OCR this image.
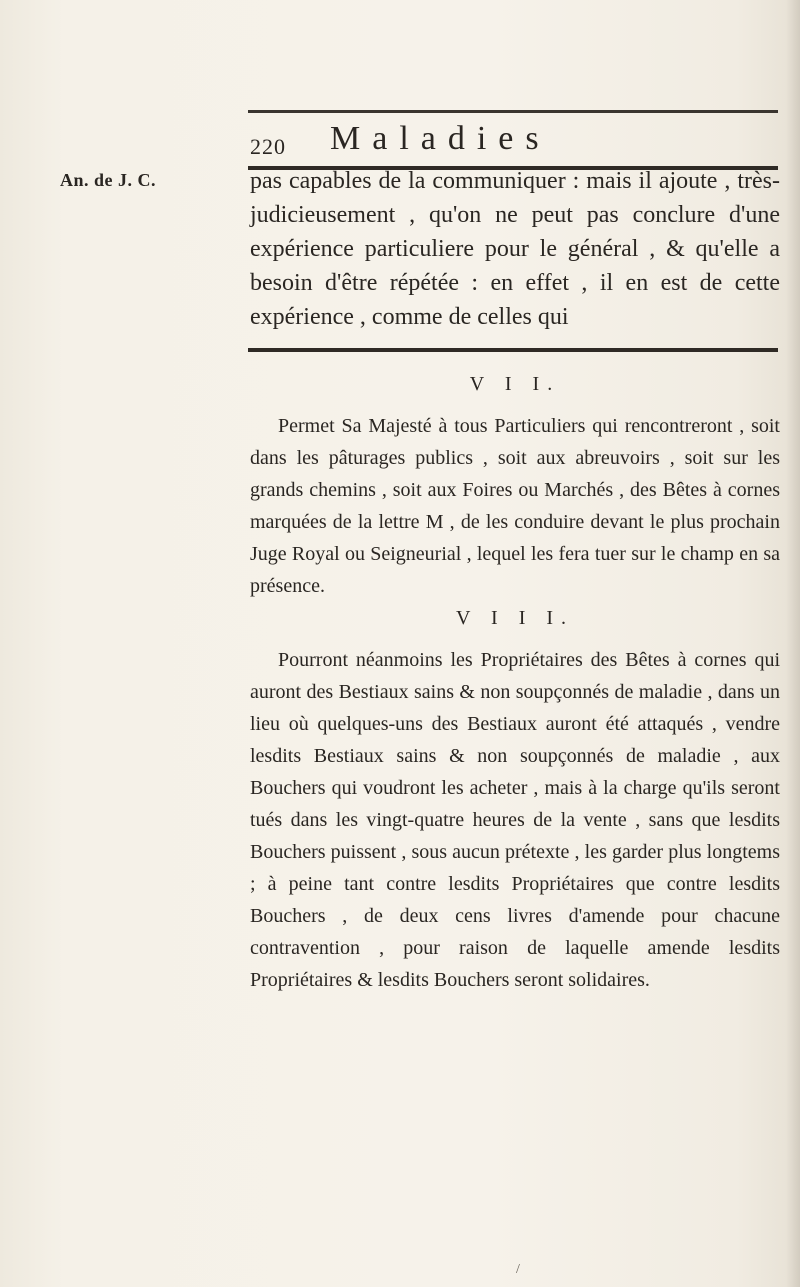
220 Maladies
An. de J. C.	pas capables de la communiquer : mais il ajoute , très-judicieusement , qu'on ne peut pas conclure d'une expérience particuliere pour le général , & qu'elle a besoin d'être répétée : en effet , il en est de cette expérience , comme de celles qui

V I I.

Permet Sa Majesté à tous Particuliers qui rencontreront , soit dans les pâturages publics , soit aux abreuvoirs , soit sur les grands chemins , soit aux Foires ou Marchés , des Bêtes à cornes marquées de la lettre M , de les conduire devant le plus prochain Juge Royal ou Seigneurial , lequel les fera tuer sur le champ en sa présence.

V I I I.

Pourront néanmoins les Propriétaires des Bêtes à cornes qui auront des Bestiaux sains & non soupçonnés de maladie , dans un lieu où quelques-uns des Bestiaux auront été attaqués , vendre lesdits Bestiaux sains & non soupçonnés de maladie , aux Bouchers qui voudront les acheter , mais à la charge qu'ils seront tués dans les vingt-quatre heures de la vente , sans que lesdits Bouchers puissent , sous aucun prétexte , les garder plus longtems ; à peine tant contre lesdits Propriétaires que contre lesdits Bouchers , de deux cens livres d'amende pour chacune contravention , pour raison de laquelle amende lesdits Propriétaires & lesdits Bouchers seront solidaires.

/
